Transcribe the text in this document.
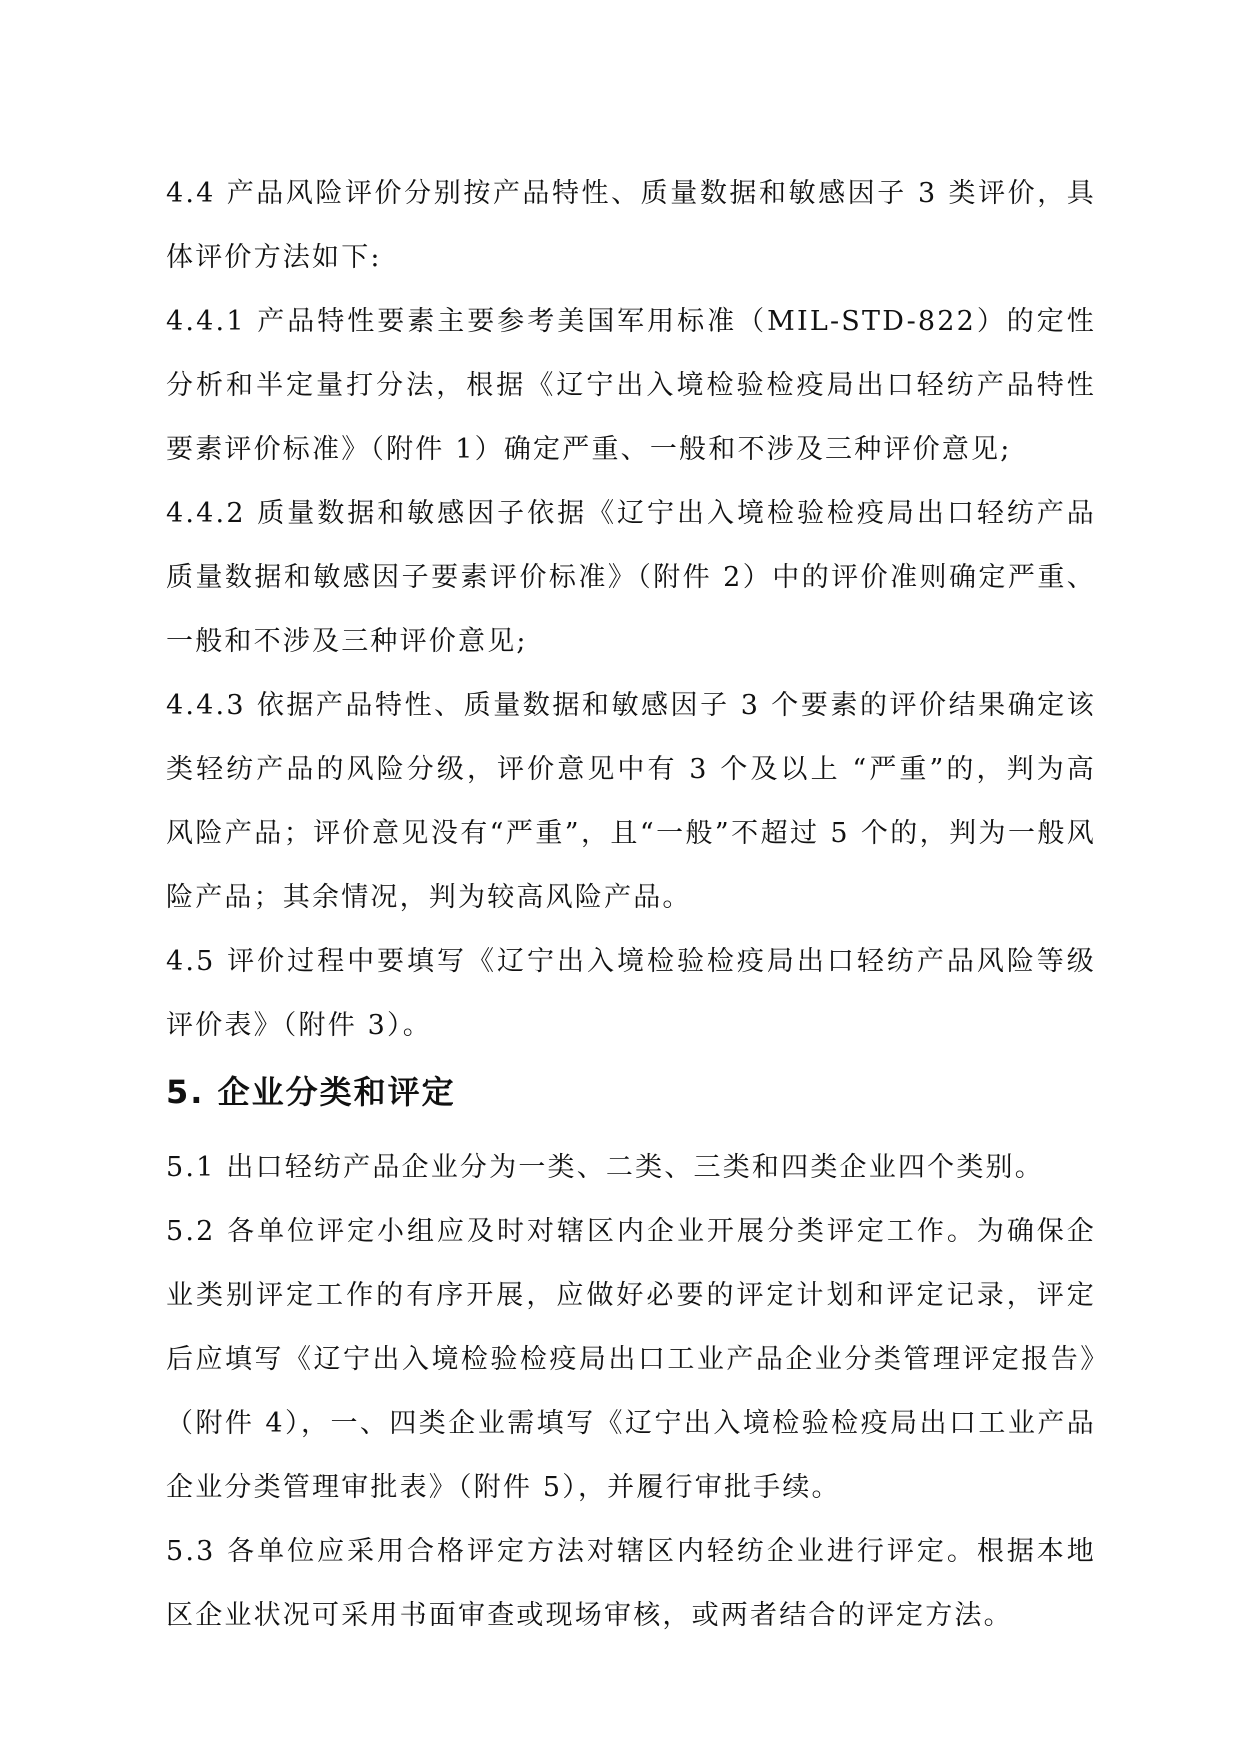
4.4 产品风险评价分别按产品特性、质量数据和敏感因子 3 类评价，具体评价方法如下:

4.4.1 产品特性要素主要参考美国军用标准（MIL-STD-822）的定性分析和半定量打分法，根据《辽宁出入境检验检疫局出口轻纺产品特性要素评价标准》（附件 1）确定严重、一般和不涉及三种评价意见;

4.4.2 质量数据和敏感因子依据《辽宁出入境检验检疫局出口轻纺产品质量数据和敏感因子要素评价标准》（附件 2）中的评价准则确定严重、一般和不涉及三种评价意见;

4.4.3 依据产品特性、质量数据和敏感因子 3 个要素的评价结果确定该类轻纺产品的风险分级，评价意见中有 3 个及以上 “严重”的，判为高风险产品；评价意见没有“严重”，且“一般”不超过 5 个的，判为一般风险产品；其余情况，判为较高风险产品。

4.5 评价过程中要填写《辽宁出入境检验检疫局出口轻纺产品风险等级评价表》（附件 3）。

5. 企业分类和评定

5.1 出口轻纺产品企业分为一类、二类、三类和四类企业四个类别。

5.2 各单位评定小组应及时对辖区内企业开展分类评定工作。为确保企业类别评定工作的有序开展，应做好必要的评定计划和评定记录，评定后应填写《辽宁出入境检验检疫局出口工业产品企业分类管理评定报告》（附件 4），一、四类企业需填写《辽宁出入境检验检疫局出口工业产品企业分类管理审批表》（附件 5），并履行审批手续。

5.3 各单位应采用合格评定方法对辖区内轻纺企业进行评定。根据本地区企业状况可采用书面审查或现场审核，或两者结合的评定方法。
